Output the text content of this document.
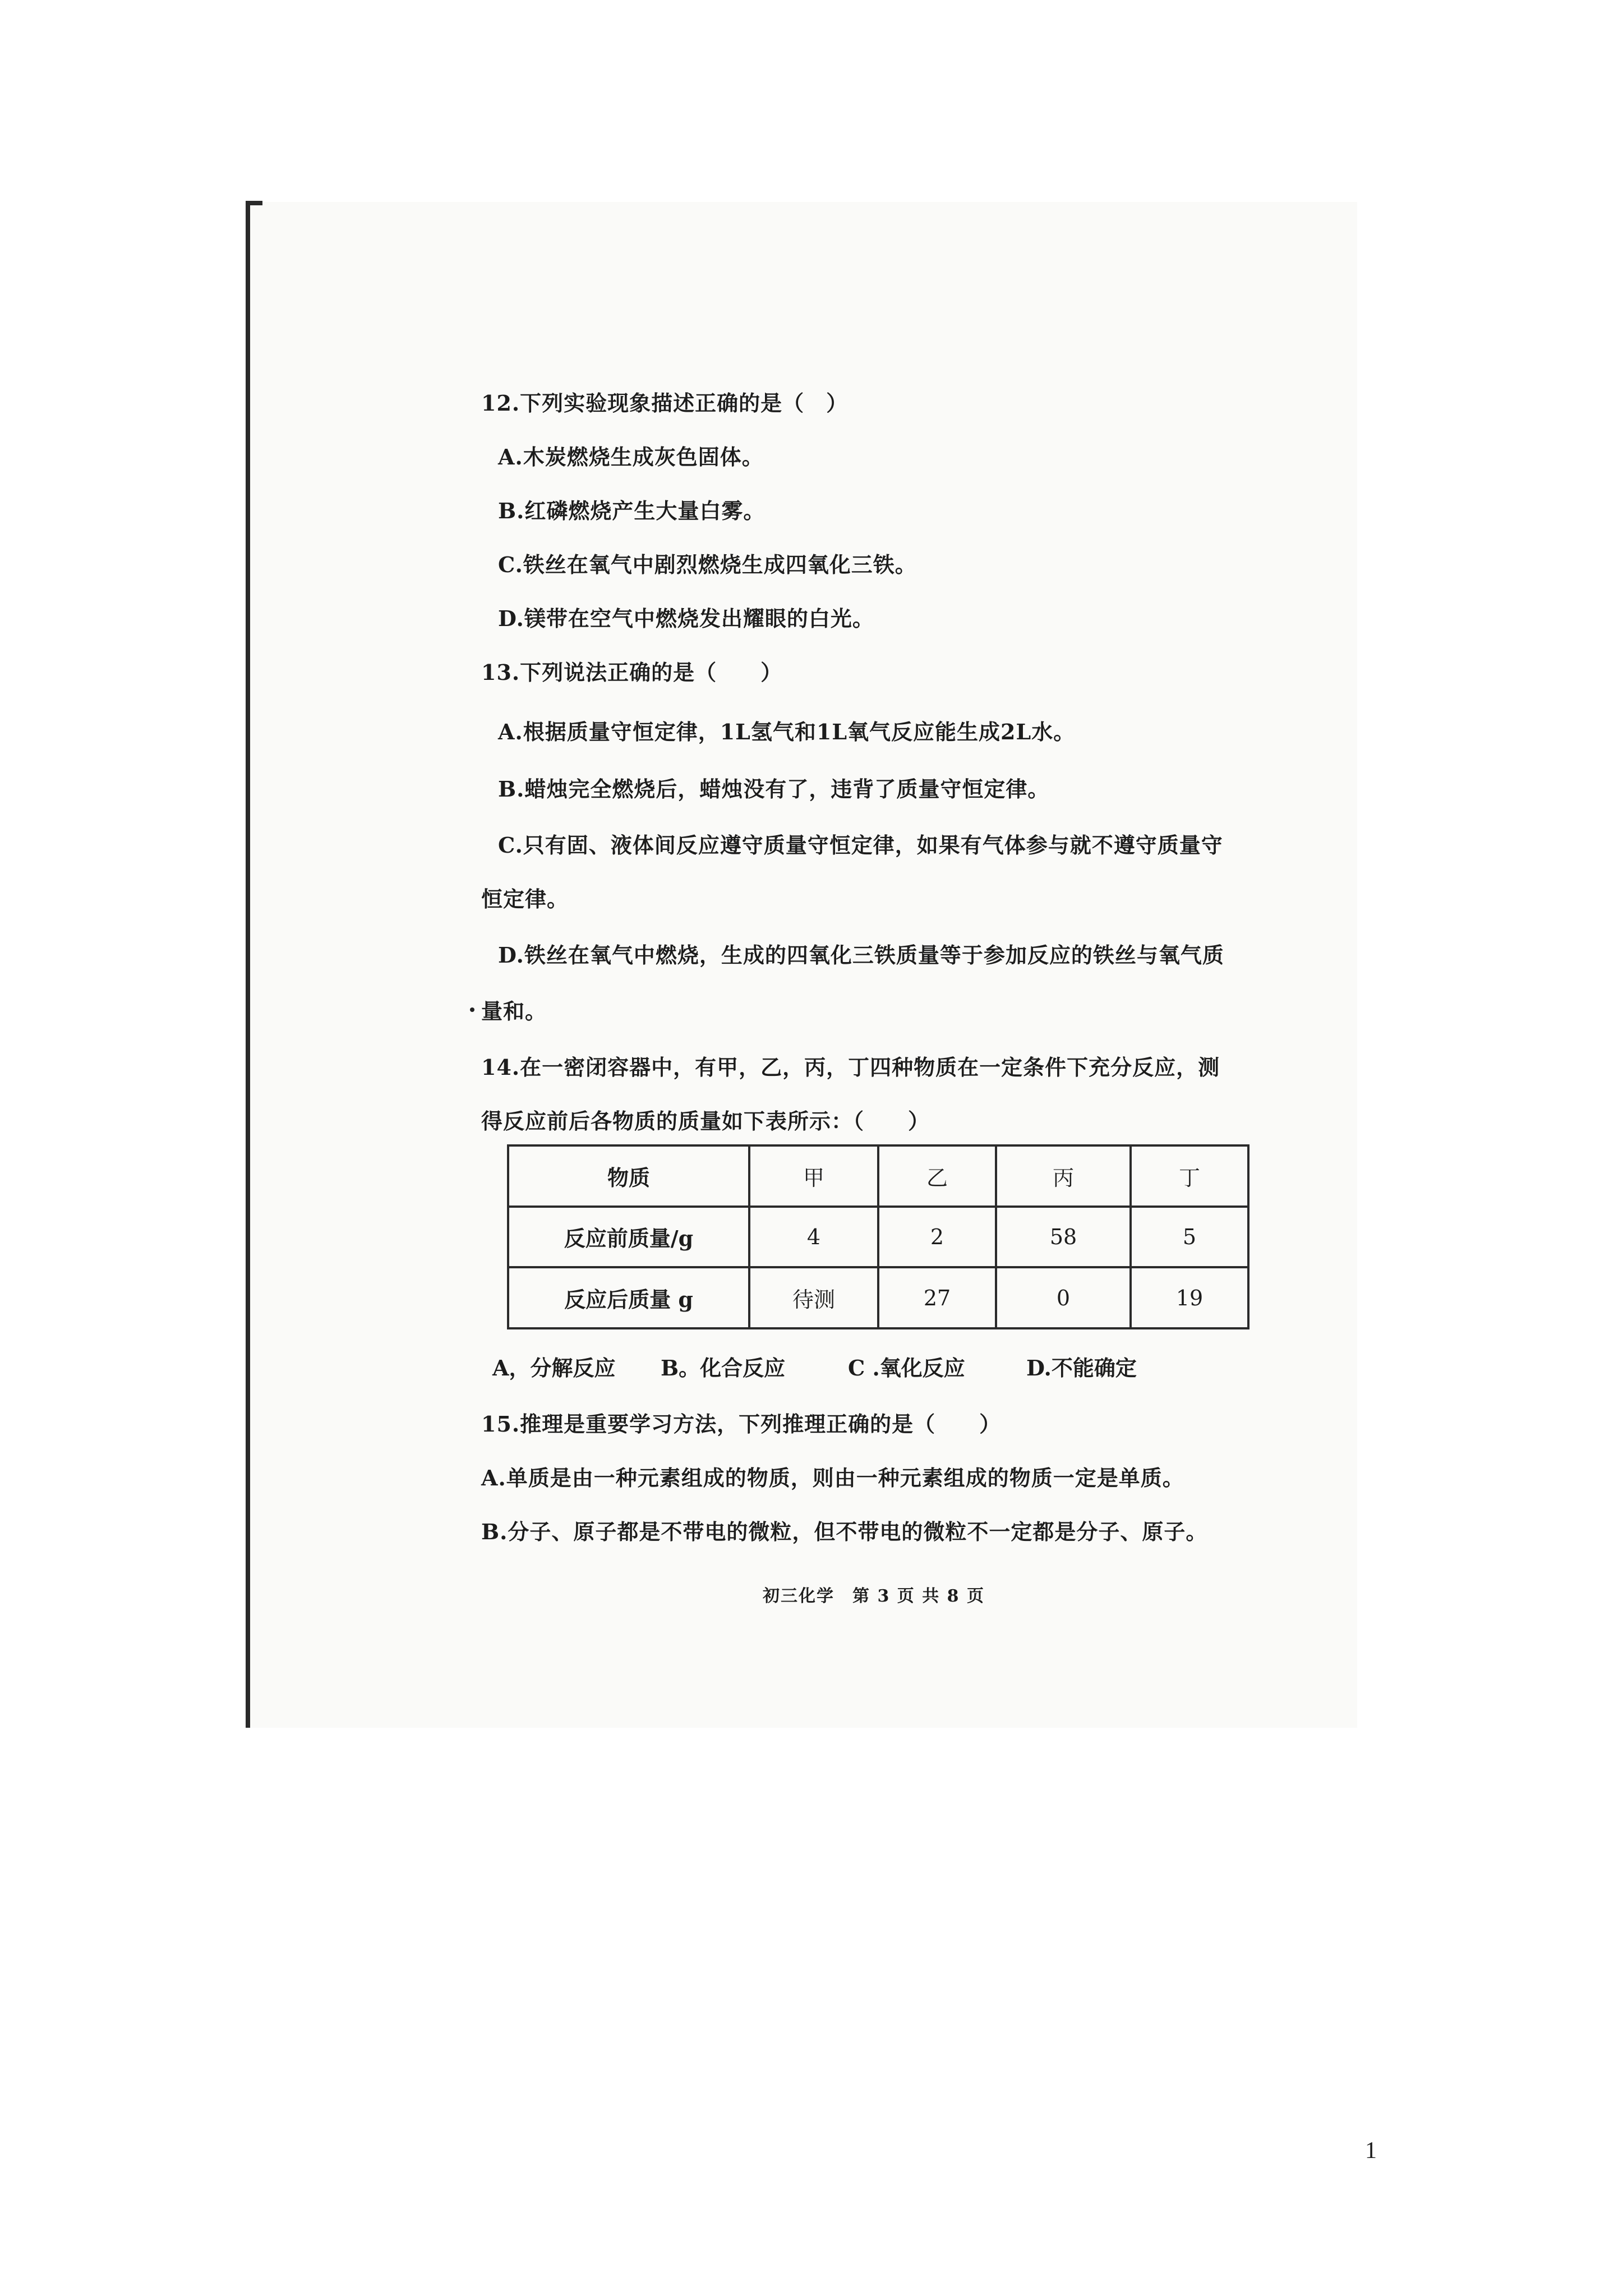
12.下列实验现象描述正确的是（　）
A.木炭燃烧生成灰色固体。
B.红磷燃烧产生大量白雾。
C.铁丝在氧气中剧烈燃烧生成四氧化三铁。
D.镁带在空气中燃烧发出耀眼的白光。
13.下列说法正确的是（　　）
A.根据质量守恒定律，1L氢气和1L氧气反应能生成2L水。
B.蜡烛完全燃烧后，蜡烛没有了，违背了质量守恒定律。
C.只有固、液体间反应遵守质量守恒定律，如果有气体参与就不遵守质量守
恒定律。
D.铁丝在氧气中燃烧，生成的四氧化三铁质量等于参加反应的铁丝与氧气质
量和。
14.在一密闭容器中，有甲，乙，丙，丁四种物质在一定条件下充分反应，测
得反应前后各物质的质量如下表所示：（　　）
物质	甲	乙	丙	丁
反应前质量/g	4	2	58	5
反应后质量 g	待测	27	0	19
A，分解反应 B。化合反应	C .氧化反应	D.不能确定
15.推理是重要学习方法，下列推理正确的是（　　）
A.单质是由一种元素组成的物质，则由一种元素组成的物质一定是单质。
B.分子、原子都是不带电的微粒，但不带电的微粒不一定都是分子、原子。
初三化学　第 3 页 共 8 页
1
